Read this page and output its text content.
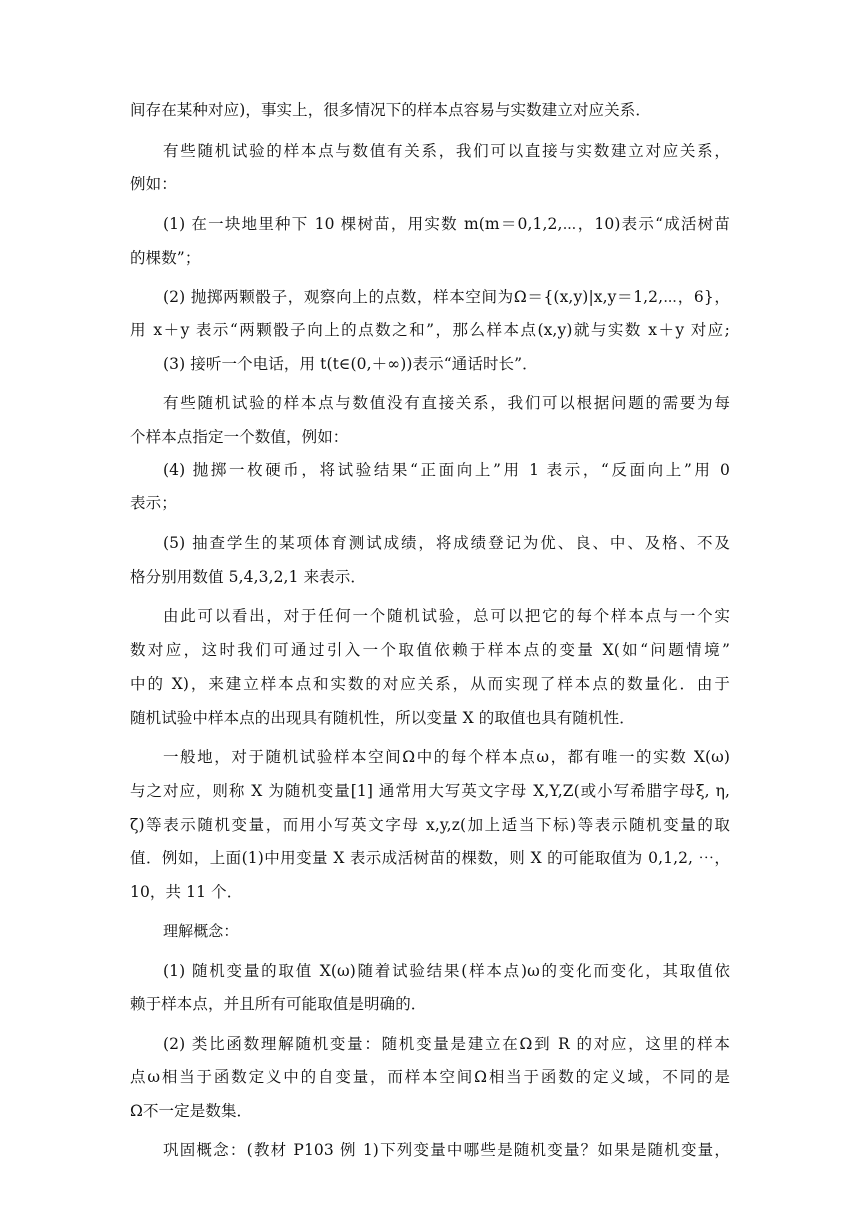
间存在某种对应)，事实上，很多情况下的样本点容易与实数建立对应关系．
有些随机试验的样本点与数值有关系，我们可以直接与实数建立对应关系，
例如：
(1) 在一块地里种下 10 棵树苗，用实数 m(m＝0,1,2,⋯，10)表示“成活树苗
的棵数”；
(2) 抛掷两颗骰子，观察向上的点数，样本空间为Ω＝{(x,y)|x,y＝1,2,⋯，6}，
用 x＋y 表示“两颗骰子向上的点数之和”，那么样本点(x,y)就与实数 x＋y 对应;
(3) 接听一个电话，用 t(t∈(0,＋∞))表示“通话时长”．
有些随机试验的样本点与数值没有直接关系，我们可以根据问题的需要为每
个样本点指定一个数值，例如：
(4) 抛掷一枚硬币，将试验结果“正面向上”用 1 表示，“反面向上”用 0
表示；
(5) 抽查学生的某项体育测试成绩，将成绩登记为优、良、中、及格、不及
格分别用数值 5,4,3,2,1 来表示．
由此可以看出，对于任何一个随机试验，总可以把它的每个样本点与一个实
数对应，这时我们可通过引入一个取值依赖于样本点的变量 X(如“问题情境”
中的 X)，来建立样本点和实数的对应关系，从而实现了样本点的数量化．由于
随机试验中样本点的出现具有随机性，所以变量 X 的取值也具有随机性．
一般地，对于随机试验样本空间Ω中的每个样本点ω，都有唯一的实数 X(ω)
与之对应，则称 X 为随机变量[1] 通常用大写英文字母 X,Y,Z(或小写希腊字母ξ, η,
ζ)等表示随机变量，而用小写英文字母 x,y,z(加上适当下标)等表示随机变量的取
值．例如，上面(1)中用变量 X 表示成活树苗的棵数，则 X 的可能取值为 0,1,2, ⋯，
10，共 11 个．
理解概念：
(1) 随机变量的取值 X(ω)随着试验结果(样本点)ω的变化而变化，其取值依
赖于样本点，并且所有可能取值是明确的．
(2) 类比函数理解随机变量：随机变量是建立在Ω到 R 的对应，这里的样本
点ω相当于函数定义中的自变量，而样本空间Ω相当于函数的定义域，不同的是
Ω不一定是数集．
巩固概念：(教材 P103 例 1)下列变量中哪些是随机变量？如果是随机变量，
